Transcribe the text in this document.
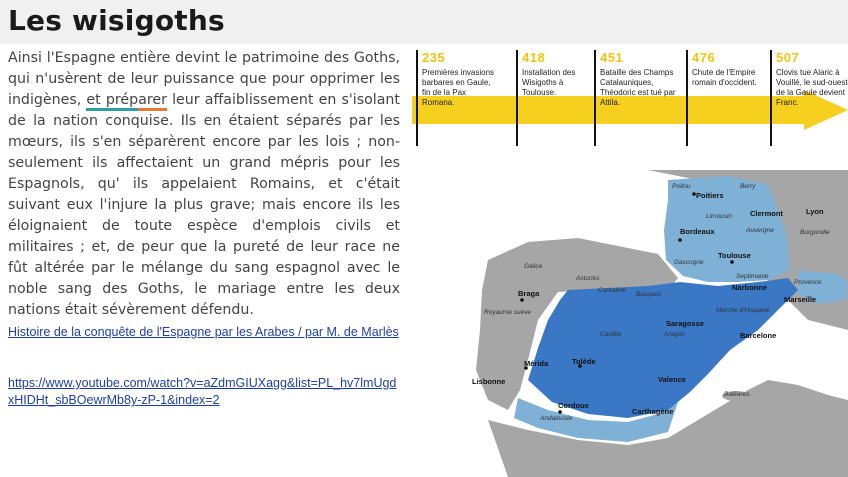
Les wisigoths
Ainsi l'Espagne entière devint le patrimoine des Goths, qui n'usèrent de leur puissance que pour opprimer les indigènes, et préparer leur affaiblissement en s'isolant de la nation conquise. Ils en étaient séparés par les mœurs, ils s'en séparèrent encore par les lois ; non-seulement ils affectaient un grand mépris pour les Espagnols, qu' ils appelaient Romains, et c'était suivant eux l'injure la plus grave; mais encore ils les éloignaient de toute espèce d'emplois civils et militaires ; et, de peur que la pureté de leur race ne fût altérée par le mélange du sang espagnol avec le noble sang des Goths, le mariage entre les deux nations était sévèrement défendu.
Histoire de la conquête de l'Espagne par les Arabes / par M. de Marlès
https://www.youtube.com/watch?v=aZdmGIUXagg&list=PL_hv7lmUgdxHIDHt_sbBOewrMb8y-zP-1&index=2
235
Premières invasions barbares en Gaule, fin de la Pax Romana.
418
Installation des Wisigoths à Toulouse.
451
Bataille des Champs Catalauniques, Théodoric est tué par Attila.
476
Chute de l'Empire romain d'occident.
507
Clovis tue Alaric à Vouillé, le sud-ouest de la Gaule devient Franc.
Poitiers
Clermont	Lyon
Bordeaux
Toulouse
Narbonne
Marseille
Braga
Saragosse
Barcelone
Mérida	Tolède
Valence
Lisbonne
Cordoue
Carthagène
Poitou	Berry
Limousin
Auvergne	Burgondie
Gascogne
Septimanie
Provence
Galice
Asturies
Cantabrie
Basques
Royaume suève	Marche d'Hispanie
Castille	Aragon
Andalousie
Baléares
